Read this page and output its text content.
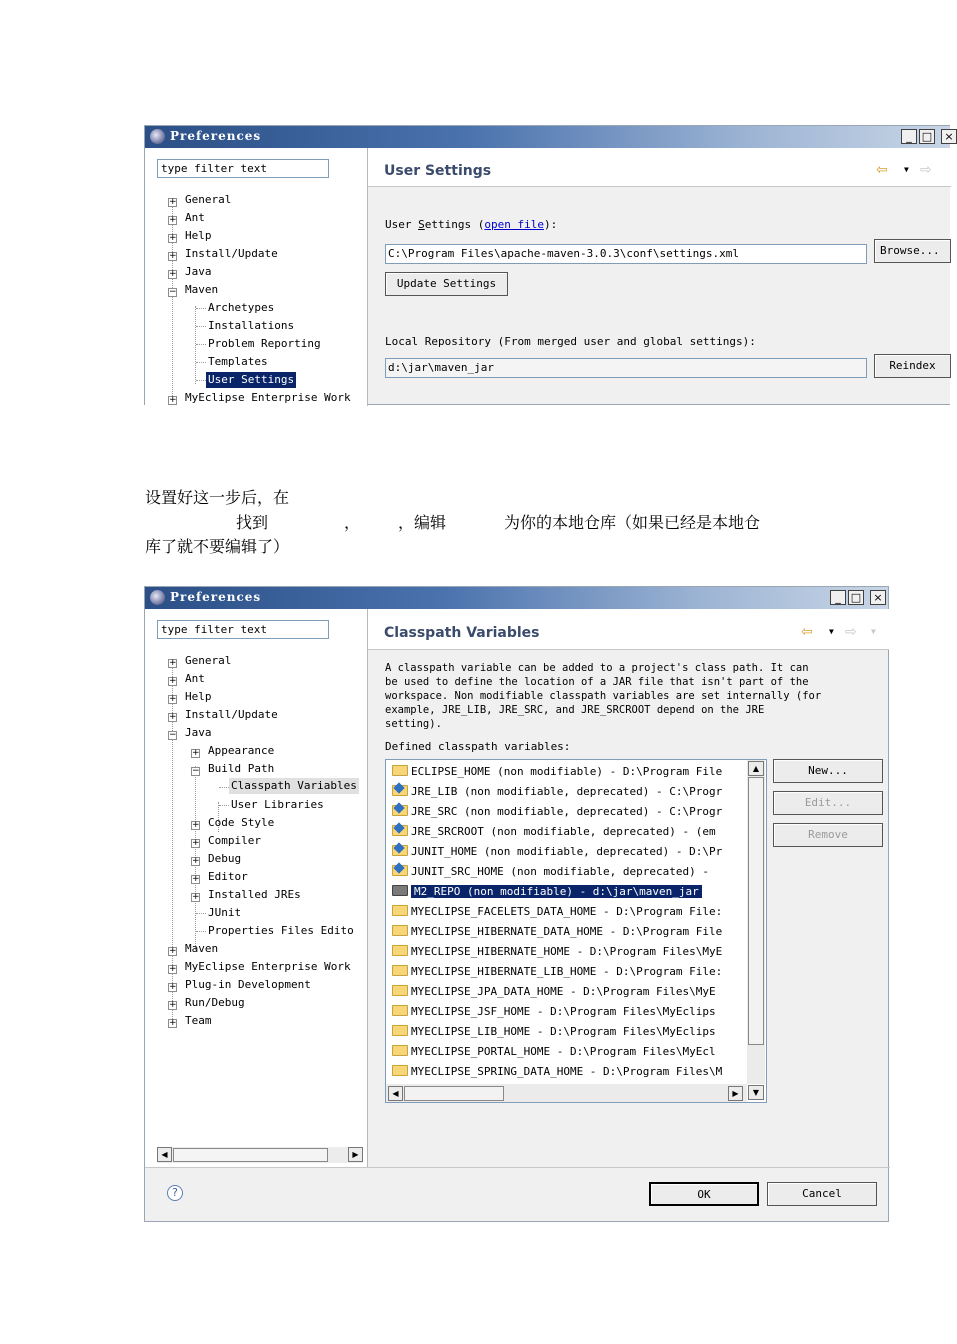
Preferences	_ □	×
type filter text
+ General
+ Ant
+ Help
+ Install/Update
+ Java
− Maven
Archetypes
Installations
Problem Reporting
Templates
User Settings
+ MyEclipse Enterprise Work
User Settings	⇦ ▼ ⇨
User Settings (open file):
C:\Program Files\apache-maven-3.0.3\conf\settings.xml	Browse...
Update Settings
Local Repository (From merged user and global settings):
d:\jar\maven_jar	Reindex
设置好这一步后，在
找到	， ，编辑	为你的本地仓库（如果已经是本地仓
库了就不要编辑了）
Preferences	_ □	×
type filter text
+ General
+ Ant
+ Help
+ Install/Update
− Java
+ Appearance
− Build Path
Classpath Variables
User Libraries
+ Code Style
+ Compiler
+ Debug
+ Editor
+ Installed JREs
JUnit
Properties Files Edito
+ Maven
+ MyEclipse Enterprise Work
+ Plug-in Development
+ Run/Debug
+ Team
◀	▶
Classpath Variables	⇦ ▼ ⇨ ▼
A classpath variable can be added to a project's class path. It can
be used to define the location of a JAR file that isn't part of the
workspace. Non modifiable classpath variables are set internally (for
example, JRE_LIB, JRE_SRC, and JRE_SRCROOT depend on the JRE
setting).
Defined classpath variables:
ECLIPSE_HOME (non modifiable) - D:\Program File
JRE_LIB (non modifiable, deprecated) - C:\Progr
JRE_SRC (non modifiable, deprecated) - C:\Progr
JRE_SRCROOT (non modifiable, deprecated) - (em
JUNIT_HOME (non modifiable, deprecated) - D:\Pr
JUNIT_SRC_HOME (non modifiable, deprecated) -
M2_REPO (non modifiable) - d:\jar\maven_jar
MYECLIPSE_FACELETS_DATA_HOME - D:\Program File:
MYECLIPSE_HIBERNATE_DATA_HOME - D:\Program File
MYECLIPSE_HIBERNATE_HOME - D:\Program Files\MyE
MYECLIPSE_HIBERNATE_LIB_HOME - D:\Program File:
MYECLIPSE_JPA_DATA_HOME - D:\Program Files\MyE
MYECLIPSE_JSF_HOME - D:\Program Files\MyEclips
MYECLIPSE_LIB_HOME - D:\Program Files\MyEclips
MYECLIPSE_PORTAL_HOME - D:\Program Files\MyEcl
MYECLIPSE_SPRING_DATA_HOME - D:\Program Files\M
▲
▼
◀	▶
New...
Edit...
Remove
?	OK	Cancel
